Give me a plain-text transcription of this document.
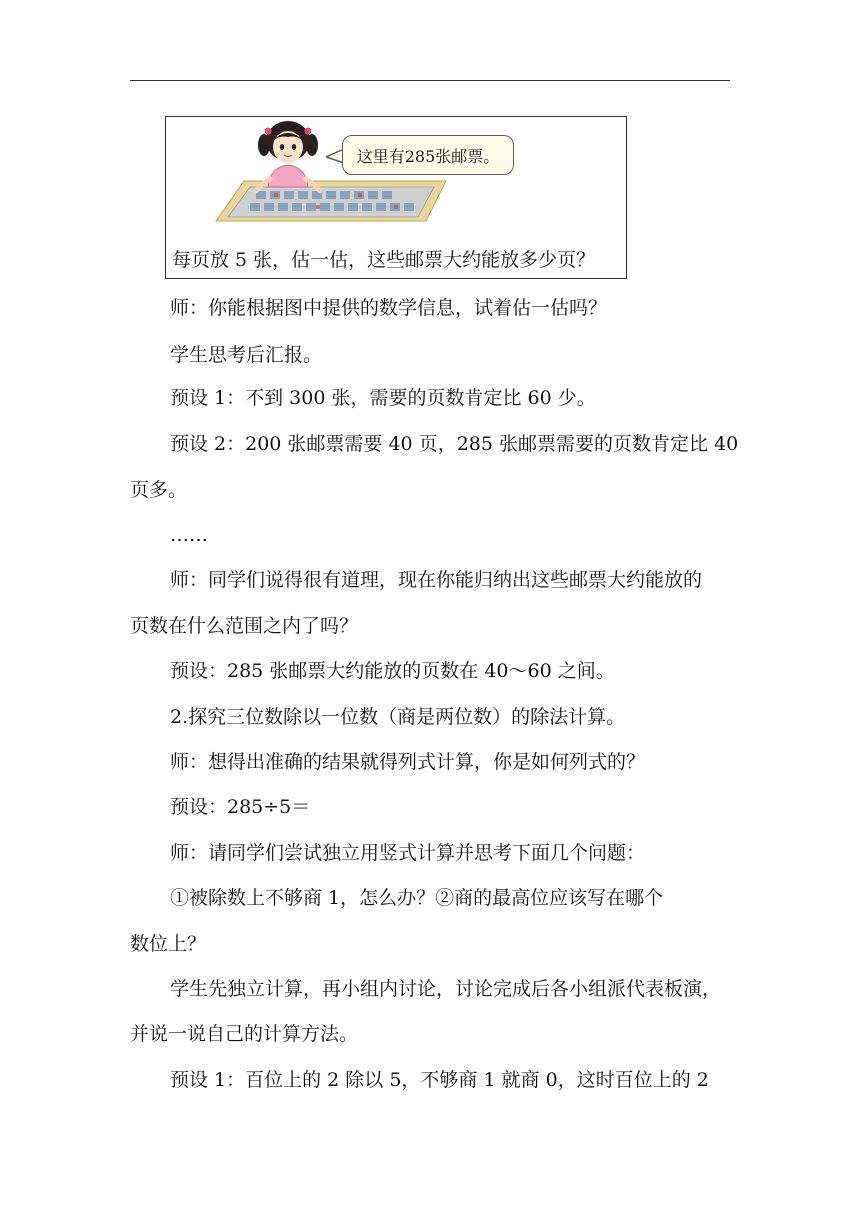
这里有285张邮票。
每页放 5 张，估一估，这些邮票大约能放多少页？
师：你能根据图中提供的数学信息，试着估一估吗？
学生思考后汇报。
预设 1：不到 300 张，需要的页数肯定比 60 少。
预设 2：200 张邮票需要 40 页，285 张邮票需要的页数肯定比 40
页多。
……
师：同学们说得很有道理，现在你能归纳出这些邮票大约能放的
页数在什么范围之内了吗？
预设：285 张邮票大约能放的页数在 40～60 之间。
2.探究三位数除以一位数（商是两位数）的除法计算。
师：想得出准确的结果就得列式计算，你是如何列式的？
预设：285÷5＝
师：请同学们尝试独立用竖式计算并思考下面几个问题：
①被除数上不够商 1，怎么办？②商的最高位应该写在哪个
数位上？
学生先独立计算，再小组内讨论，讨论完成后各小组派代表板演，
并说一说自己的计算方法。
预设 1：百位上的 2 除以 5，不够商 1 就商 0，这时百位上的 2
